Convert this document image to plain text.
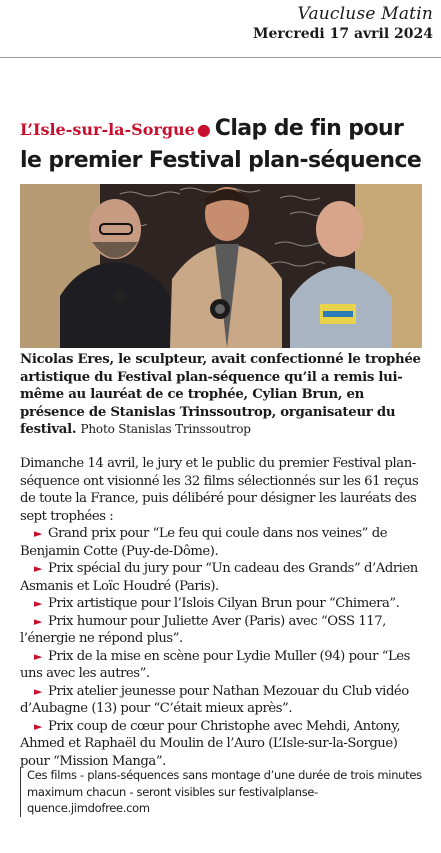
Vaucluse Matin
Mercredi 17 avril 2024
L’Isle-sur-la-Sorgue ● Clap de fin pour le premier Festival plan-séquence
Nicolas Eres, le sculpteur, avait confectionné le trophée artistique du Festival plan-séquence qu’il a remis lui-même au lauréat de ce trophée, Cylian Brun, en présence de Stanislas Trinssoutrop, organisateur du festival. Photo Stanislas Trinssoutrop

Dimanche 14 avril, le jury et le public du premier Festival plan-séquence ont visionné les 32 films sélectionnés sur les 61 reçus de toute la France, puis délibéré pour désigner les lauréats des sept trophées :

► Grand prix pour “Le feu qui coule dans nos veines” de Benjamin Cotte (Puy-de-Dôme).

► Prix spécial du jury pour “Un cadeau des Grands” d’Adrien Asmanis et Loïc Houdré (Paris).

► Prix artistique pour l’Islois Cilyan Brun pour “Chimera”.

► Prix humour pour Juliette Aver (Paris) avec “OSS 117, l’énergie ne répond plus”.

► Prix de la mise en scène pour Lydie Muller (94) pour “Les uns avec les autres”.

► Prix atelier jeunesse pour Nathan Mezouar du Club vidéo d’Aubagne (13) pour “C’était mieux après”.

► Prix coup de cœur pour Christophe avec Mehdi, Antony, Ahmed et Raphaël du Moulin de l’Auro (L’Isle-sur-la-Sorgue) pour “Mission Manga”.

Ces films - plans-séquences sans montage d’une durée de trois minutes maximum chacun - seront visibles sur festivalplanse-quence.jimdofree.com
